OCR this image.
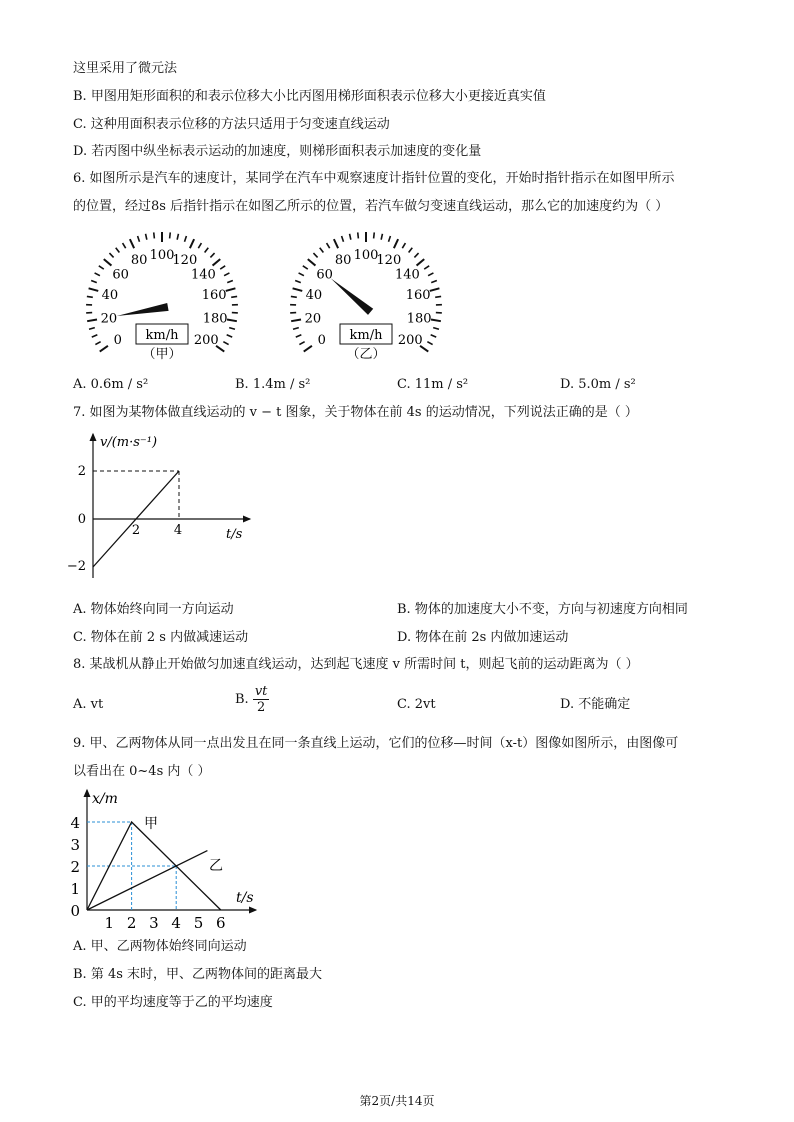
这里采用了微元法
B. 甲图用矩形面积的和表示位移大小比丙图用梯形面积表示位移大小更接近真实值
C. 这种用面积表示位移的方法只适用于匀变速直线运动
D. 若丙图中纵坐标表示运动的加速度，则梯形面积表示加速度的变化量
6. 如图所示是汽车的速度计，某同学在汽车中观察速度计指针位置的变化，开始时指针指示在如图甲所示
的位置，经过8s 后指针指示在如图乙所示的位置，若汽车做匀变速直线运动，那么它的加速度约为（ ）
0
20
40
60
80 100
120
140
160
180
200
km/h	0
20
40
60
80 100
120
140
160
180
200
km/h
（甲）	（乙）
A. 0.6m / s²	B. 1.4m / s²	C. 11m / s²	D. 5.0m / s²
7. 如图为某物体做直线运动的 v − t 图象，关于物体在前 4s 的运动情况，下列说法正确的是（ ）
v/(m·s⁻¹)
t/s
2
0
−2
2	4
A. 物体始终向同一方向运动	B. 物体的加速度大小不变，方向与初速度方向相同
C. 物体在前 2 s 内做减速运动	D. 物体在前 2s 内做加速运动
8. 某战机从静止开始做匀加速直线运动，达到起飞速度 v 所需时间 t，则起飞前的运动距离为（ ）
A. vt	B. $\frac{vt}{2}$	C. 2vt	D. 不能确定
9. 甲、乙两物体从同一点出发且在同一条直线上运动，它们的位移—时间（x-t）图像如图所示，由图像可
以看出在 0~4s 内（ ）
x/m
t/s
4
3
2
1
0
1 2 3 4 5 6
甲
乙
A. 甲、乙两物体始终同向运动
B. 第 4s 末时，甲、乙两物体间的距离最大
C. 甲的平均速度等于乙的平均速度
第2页/共14页
